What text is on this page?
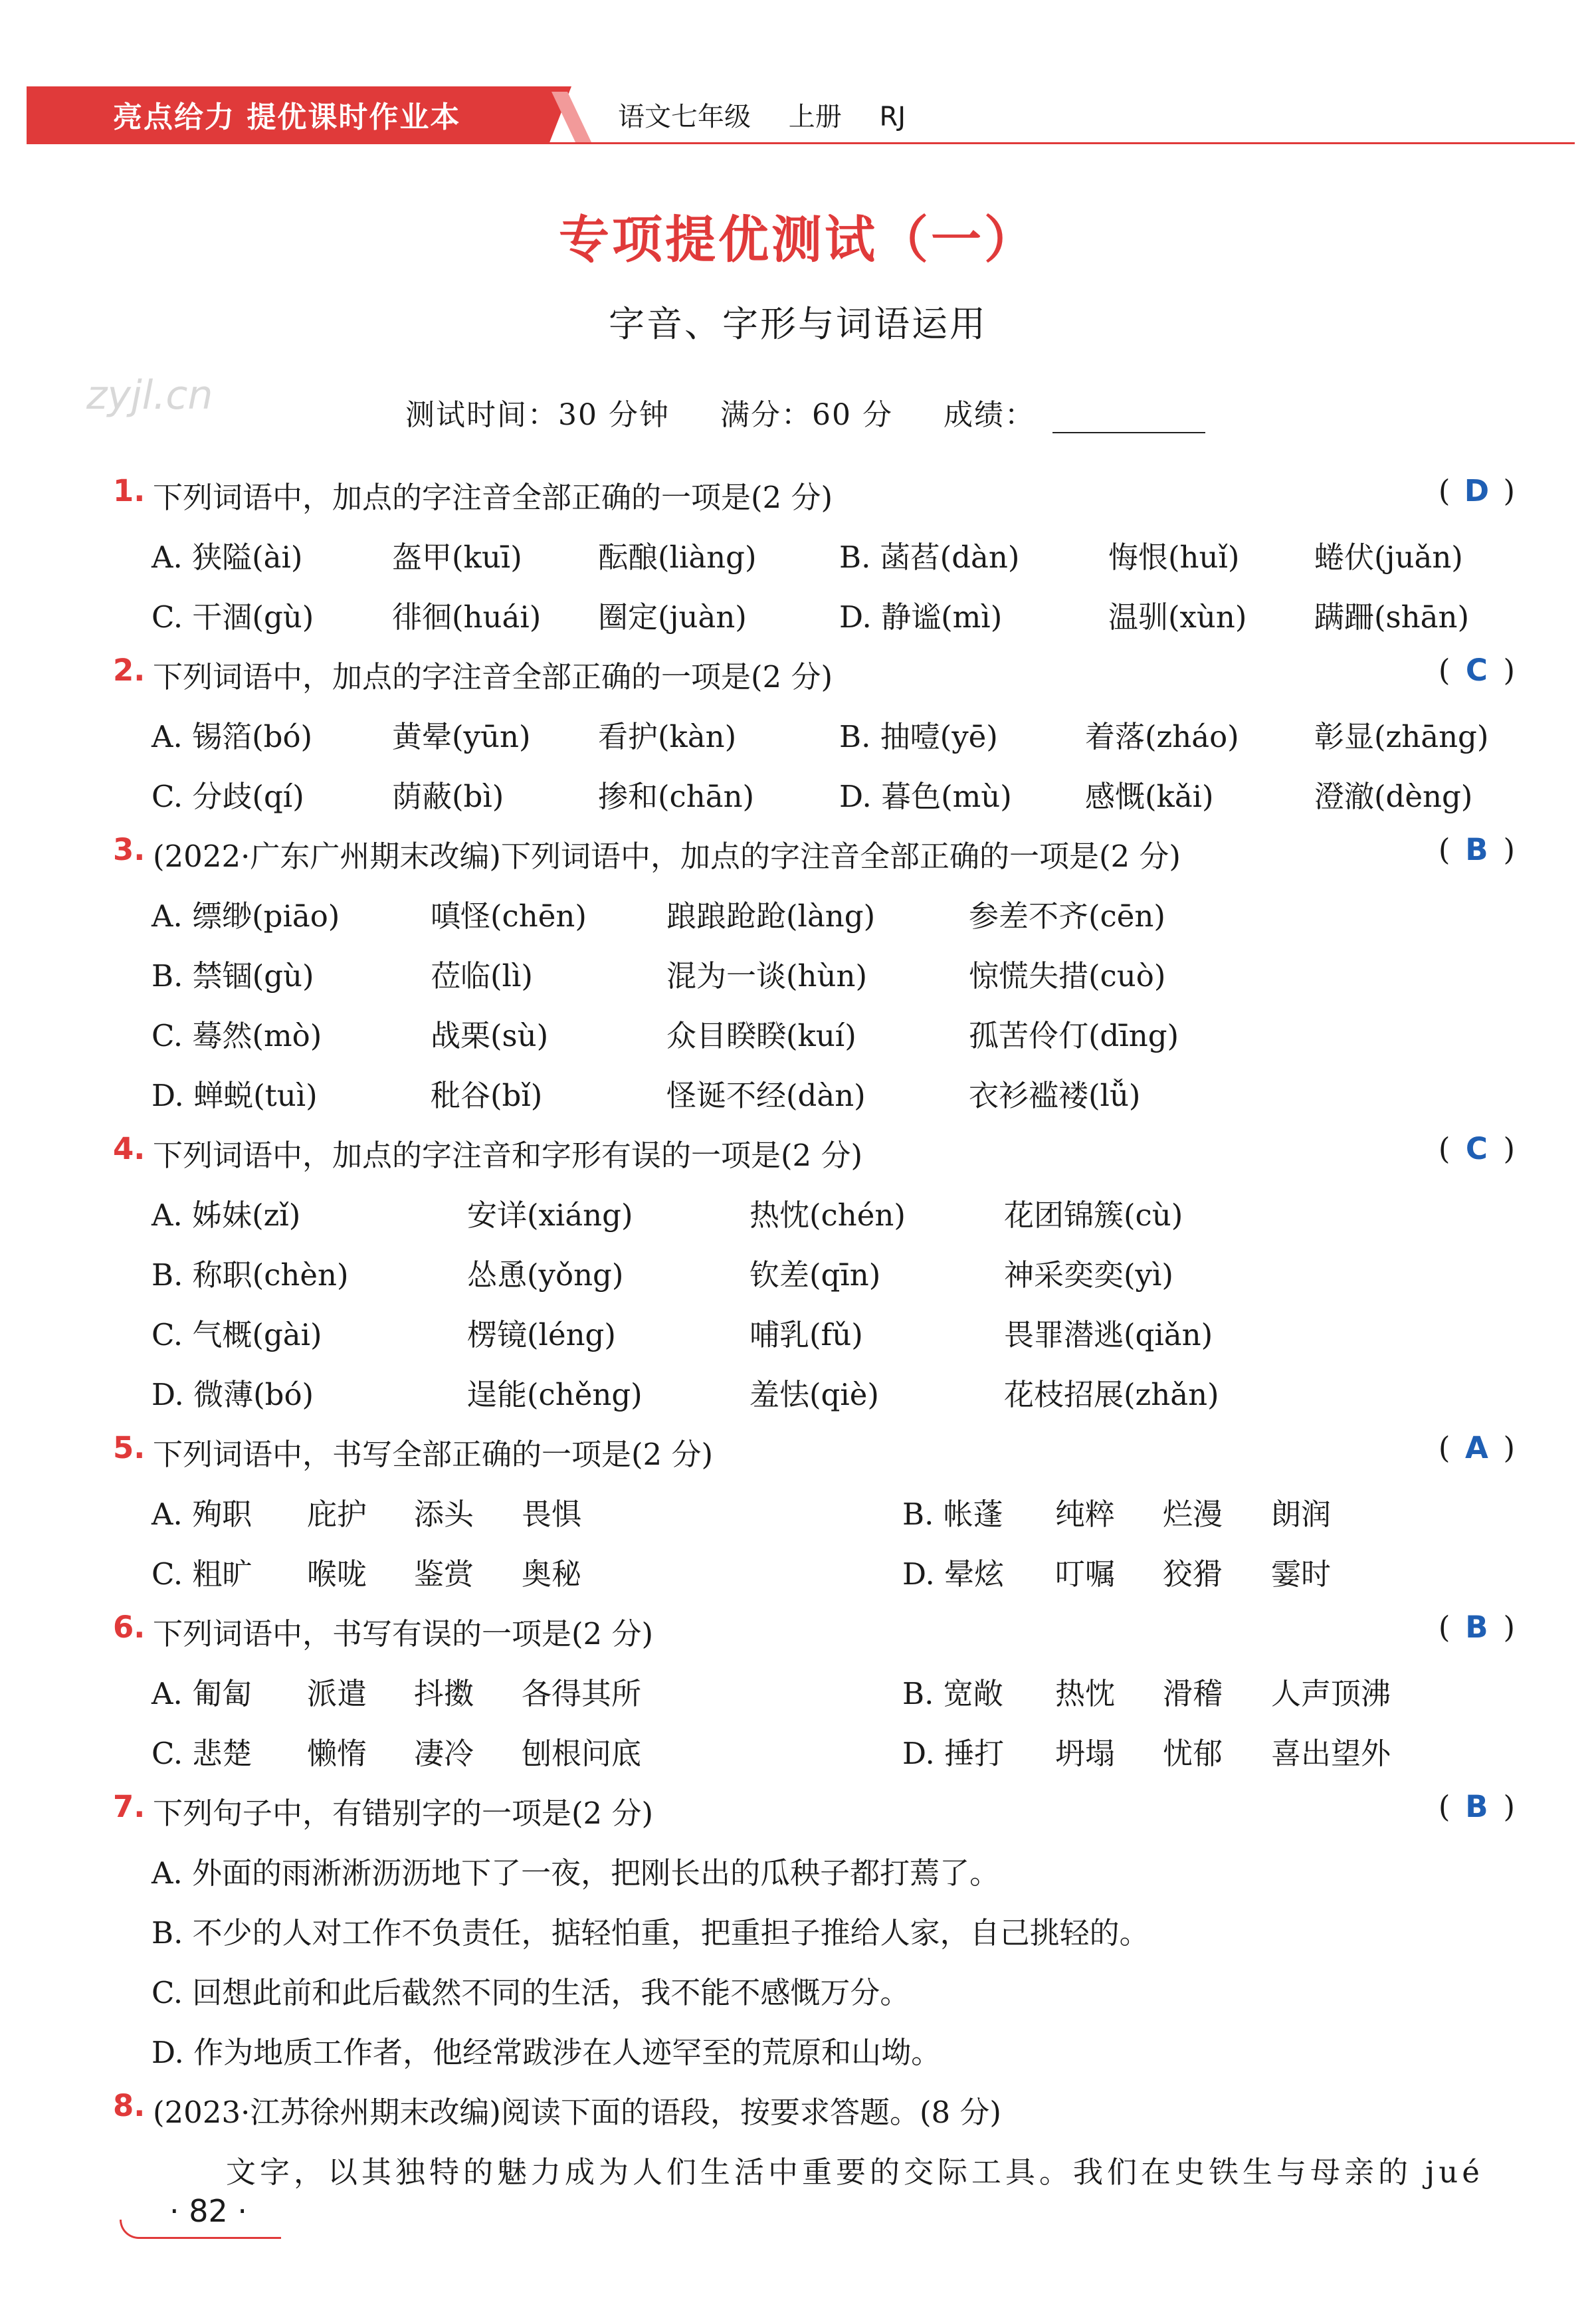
亮点给力 提优课时作业本	语文七年级 上册 RJ
zyjl.cn
专项提优测试（一）
字音、字形与词语运用
测试时间：30 分钟 满分：60 分 成绩：
1. 下列词语中，加点的字注音全部正确的一项是(2 分)	( D )
A. 狭隘(ài)	盔甲(kuī)	酝酿(liàng)	B. 菡萏(dàn)	悔恨(huǐ)	蜷伏(juǎn)
C. 干涸(gù)	徘徊(huái) 圈定(juàn)	D. 静谧(mì)	温驯(xùn) 蹒跚(shān)
2. 下列词语中，加点的字注音全部正确的一项是(2 分)	( C )
A. 锡箔(bó)	黄晕(yūn) 看护(kàn)	B. 抽噎(yē)	着落(zháo)	彰显(zhāng)
C. 分歧(qí)	荫蔽(bì)	掺和(chān)	D. 暮色(mù) 感慨(kǎi)	澄澈(dèng)
3. (2022·广东广州期末改编)下列词语中，加点的字注音全部正确的一项是(2 分)	( B )
A. 缥缈(piāo)	嗔怪(chēn)	踉踉跄跄(làng)	参差不齐(cēn)
B. 禁锢(gù)	莅临(lì)	混为一谈(hùn)	惊慌失措(cuò)
C. 蓦然(mò)	战栗(sù)	众目睽睽(kuí)	孤苦伶仃(dīng)
D. 蝉蜕(tuì)	秕谷(bǐ)	怪诞不经(dàn)	衣衫褴褛(lǚ)
4. 下列词语中，加点的字注音和字形有误的一项是(2 分)	( C )
A. 姊妹(zǐ)	安详(xiáng)	热忱(chén)	花团锦簇(cù)
B. 称职(chèn)	怂恿(yǒng)	钦差(qīn)	神采奕奕(yì)
C. 气概(gài)	楞镜(léng)	哺乳(fǔ)	畏罪潜逃(qiǎn)
D. 微薄(bó)	逞能(chěng)	羞怯(qiè)	花枝招展(zhǎn)
5. 下列词语中，书写全部正确的一项是(2 分)	( A )
A. 殉职 庇护 添头 畏惧	B. 帐蓬 纯粹 烂漫 朗润
C. 粗旷 喉咙 鉴赏 奥秘	D. 晕炫 叮嘱 狡猾 霎时
6. 下列词语中，书写有误的一项是(2 分)	( B )
A. 匍匐 派遣 抖擞 各得其所	B. 宽敞 热忱 滑稽 人声顶沸
C. 悲楚 懒惰 凄冷 刨根问底	D. 捶打 坍塌 忧郁 喜出望外
7. 下列句子中，有错别字的一项是(2 分)	( B )
A. 外面的雨淅淅沥沥地下了一夜，把刚长出的瓜秧子都打蔫了。
B. 不少的人对工作不负责任，掂轻怕重，把重担子推给人家，自己挑轻的。
C. 回想此前和此后截然不同的生活，我不能不感慨万分。
D. 作为地质工作者，他经常跋涉在人迹罕至的荒原和山坳。
8. (2023·江苏徐州期末改编)阅读下面的语段，按要求答题。(8 分)
文字，以其独特的魅力成为人们生活中重要的交际工具。我们在史铁生与母亲的 jué
· 82 ·
